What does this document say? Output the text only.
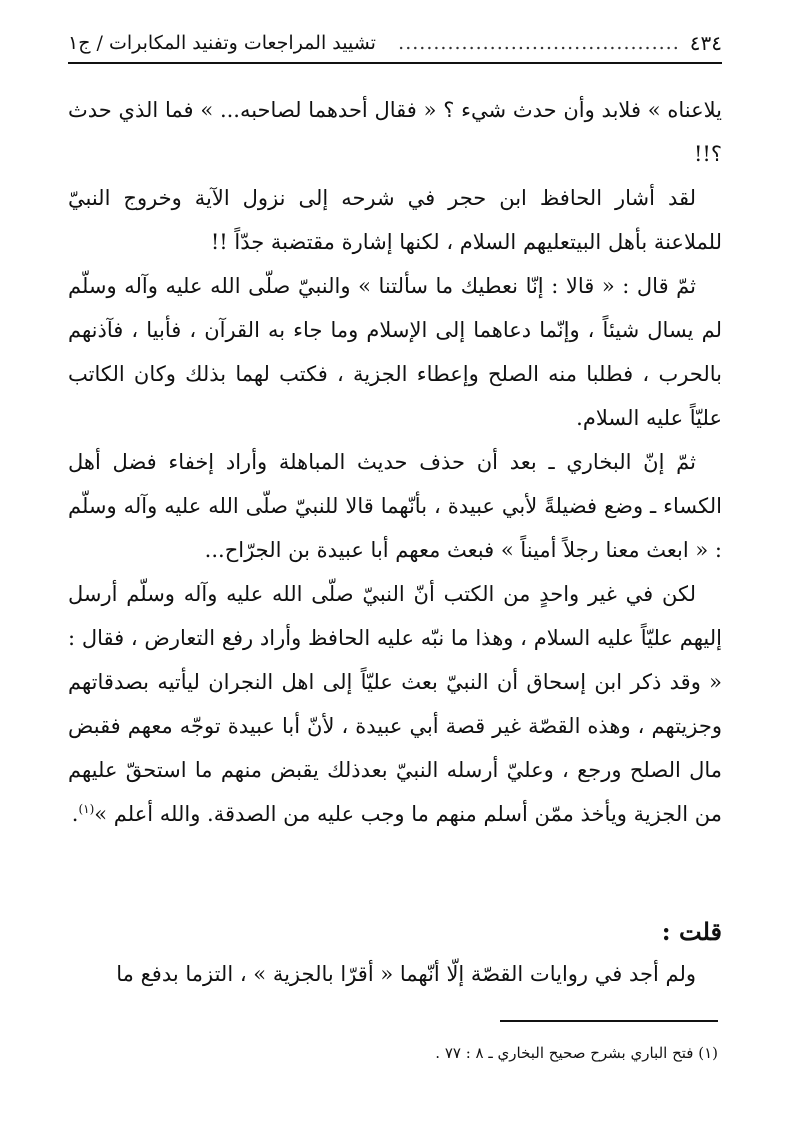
٤٣٤
........................................
تشييد المراجعات وتفنيد المكابرات / ج١

يلاعناه » فلابد وأن حدث شيء ؟ « فقال أحدهما لصاحبه... » فما الذي حدث ؟!!

لقد أشار الحافظ ابن حجر في شرحه إلى نزول الآية وخروج النبيّ للملاعنة بأهل البيتعليهم السلام ، لكنها إشارة مقتضبة جدّاً !!

ثمّ قال : « قالا : إنّا نعطيك ما سألتنا » والنبيّ صلّى الله عليه وآله وسلّم لم يسال شيئاً ، وإنّما دعاهما إلى الإسلام وما جاء به القرآن ، فأبيا ، فآذنهم بالحرب ، فطلبا منه الصلح وإعطاء الجزية ، فكتب لهما بذلك وكان الكاتب عليّاً عليه السلام.

ثمّ إنّ البخاري ـ بعد أن حذف حديث المباهلة وأراد إخفاء فضل أهل الكساء ـ وضع فضيلةً لأبي عبيدة ، بأنّهما قالا للنبيّ صلّى الله عليه وآله وسلّم : « ابعث معنا رجلاً أميناً » فبعث معهم أبا عبيدة بن الجرّاح...

لكن في غير واحدٍ من الكتب أنّ النبيّ صلّى الله عليه وآله وسلّم أرسل إليهم عليّاً عليه السلام ، وهذا ما نبّه عليه الحافظ وأراد رفع التعارض ، فقال : « وقد ذكر ابن إسحاق أن النبيّ بعث عليّاً إلى اهل النجران ليأتيه بصدقاتهم وجزيتهم ، وهذه القصّة غير قصة أبي عبيدة ، لأنّ أبا عبيدة توجّه معهم فقبض مال الصلح ورجع ، وعليّ أرسله النبيّ بعدذلك يقبض منهم ما استحقّ عليهم من الجزية ويأخذ ممّن أسلم منهم ما وجب عليه من الصدقة. والله أعلم »$^{(١)}$.

قلت :
ولم أجد في روايات القصّة إلّا أنّهما « أقرّا بالجزية » ، التزما بدفع ما
(١) فتح الباري بشرح صحيح البخاري ـ ٨ : ٧٧ .
